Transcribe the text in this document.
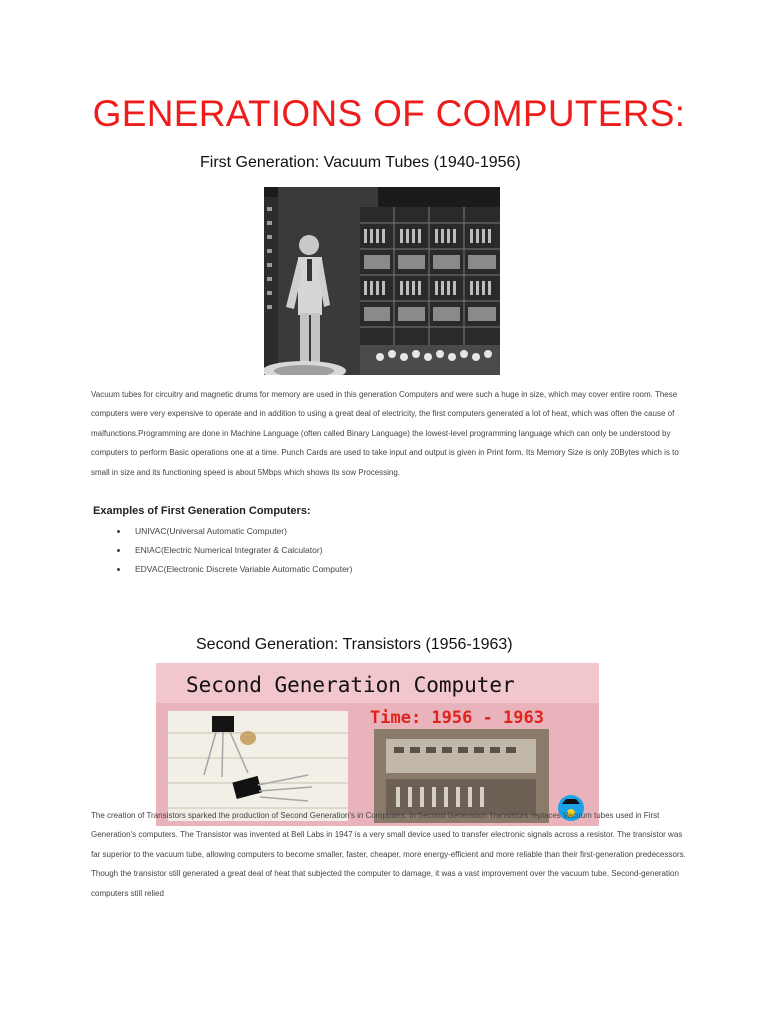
GENERATIONS OF COMPUTERS:
First Generation: Vacuum Tubes (1940-1956)

Vacuum tubes for circuitry and magnetic drums for memory are used in this generation Computers and were such a huge in size, which may cover entire room. These computers were very expensive to operate and in addition to using a great deal of electricity, the first computers generated a lot of heat, which was often the cause of malfunctions.Programming are done in Machine Language (often called Binary Language) the lowest-level programming language which can only be understood by computers to perform Basic operations one at a time. Punch Cards are used to take input and output is given in Print form. Its Memory Size is only 20Bytes which is to small in size and its functioning speed is about 5Mbps which shows its sow Processing.

Examples of First Generation Computers:
UNIVAC(Universal Automatic Computer)
ENIAC(Electric Numerical Integrater & Calculator)
EDVAC(Electronic Discrete Variable Automatic Computer)
Second Generation: Transistors (1956-1963)
Second Generation Computer
Time: 1956 - 1963

The creation of Transistors sparked the production of Second Generation's in Computers. In Second Generation Transistors replaces Vacuum tubes used in First Generation's computers. The Transistor was invented at Bell Labs in 1947 is a very small device used to transfer electronic signals across a resistor. The transistor was far superior to the vacuum tube, allowing computers to become smaller, faster, cheaper, more energy-efficient and more reliable than their first-generation predecessors. Though the transistor still generated a great deal of heat that subjected the computer to damage, it was a vast improvement over the vacuum tube. Second-generation computers still relied
